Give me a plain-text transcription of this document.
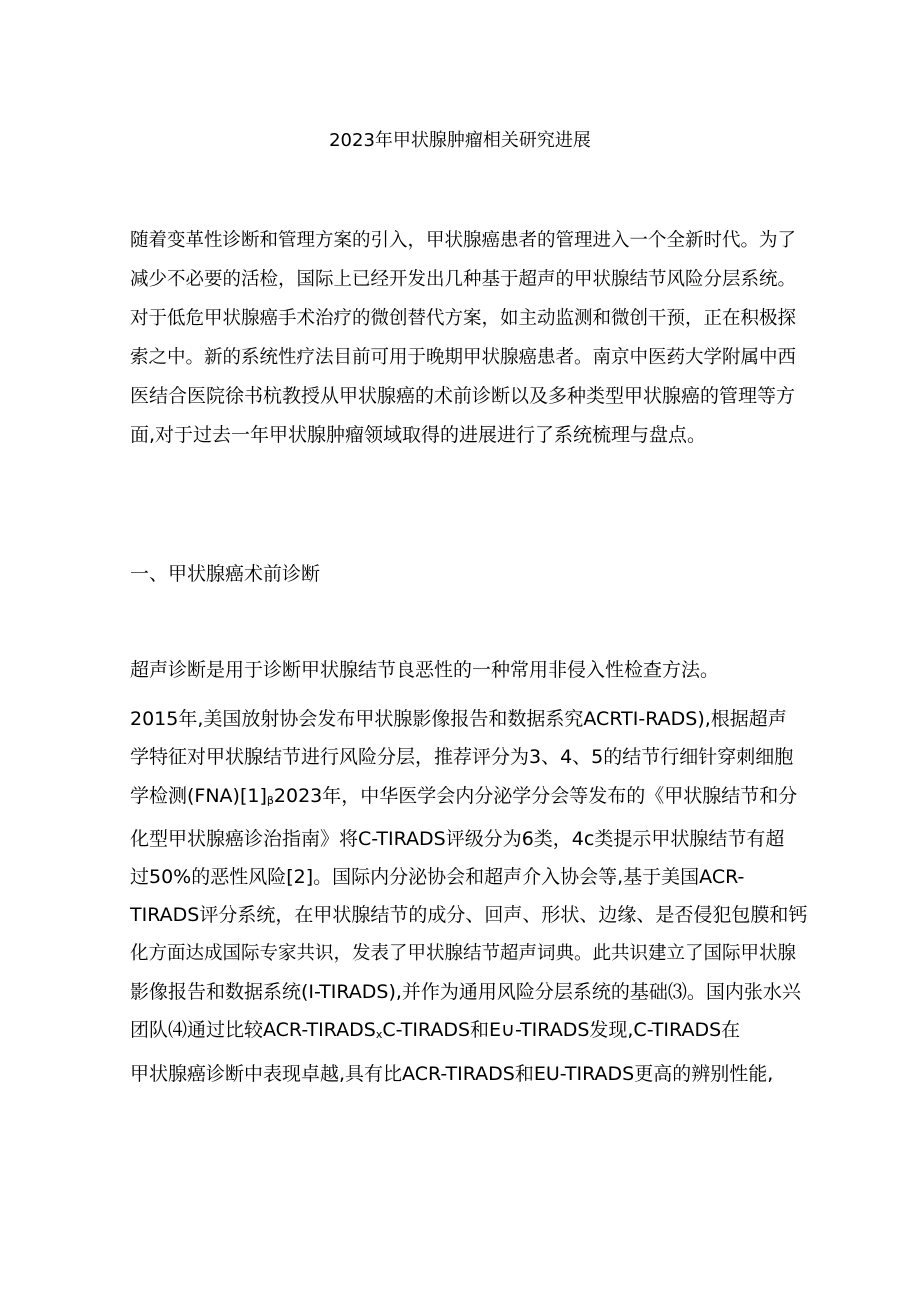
2023年甲状腺肿瘤相关研究进展
随着变革性诊断和管理方案的引入，甲状腺癌患者的管理进入一个全新时代。为了
减少不必要的活检，国际上已经开发出几种基于超声的甲状腺结节风险分层系统。
对于低危甲状腺癌手术治疗的微创替代方案，如主动监测和微创干预，正在积极探
索之中。新的系统性疗法目前可用于晚期甲状腺癌患者。南京中医药大学附属中西
医结合医院徐书杭教授从甲状腺癌的术前诊断以及多种类型甲状腺癌的管理等方
面,对于过去一年甲状腺肿瘤领域取得的进展进行了系统梳理与盘点。
一、甲状腺癌术前诊断
超声诊断是用于诊断甲状腺结节良恶性的一种常用非侵入性检查方法。
2015年,美国放射协会发布甲状腺影像报告和数据系究ACRTI-RADS),根据超声
学特征对甲状腺结节进行风险分层，推荐评分为3、4、5的结节行细针穿刺细胞
学检测$(FNA)[1]_\beta 2023$年，中华医学会内分泌学分会等发布的《甲状腺结节和分
化型甲状腺癌诊治指南》将C-TIRADS评级分为6类，4c类提示甲状腺结节有超
过50%的恶性风险[2]。国际内分泌协会和超声介入协会等,基于美国ACR-
TIRADS评分系统，在甲状腺结节的成分、回声、形状、边缘、是否侵犯包膜和钙
化方面达成国际专家共识，发表了甲状腺结节超声词典。此共识建立了国际甲状腺
影像报告和数据系统(I-TIRADS),并作为通用风险分层系统的基础⑶。国内张水兴
团队⑷通过比较ACR-$TIRADS_xC$-TIRADS和E∪-TIRADS发现,C-TIRADS在
甲状腺癌诊断中表现卓越,具有比ACR-TIRADS和EU-TIRADS更高的辨别性能,
